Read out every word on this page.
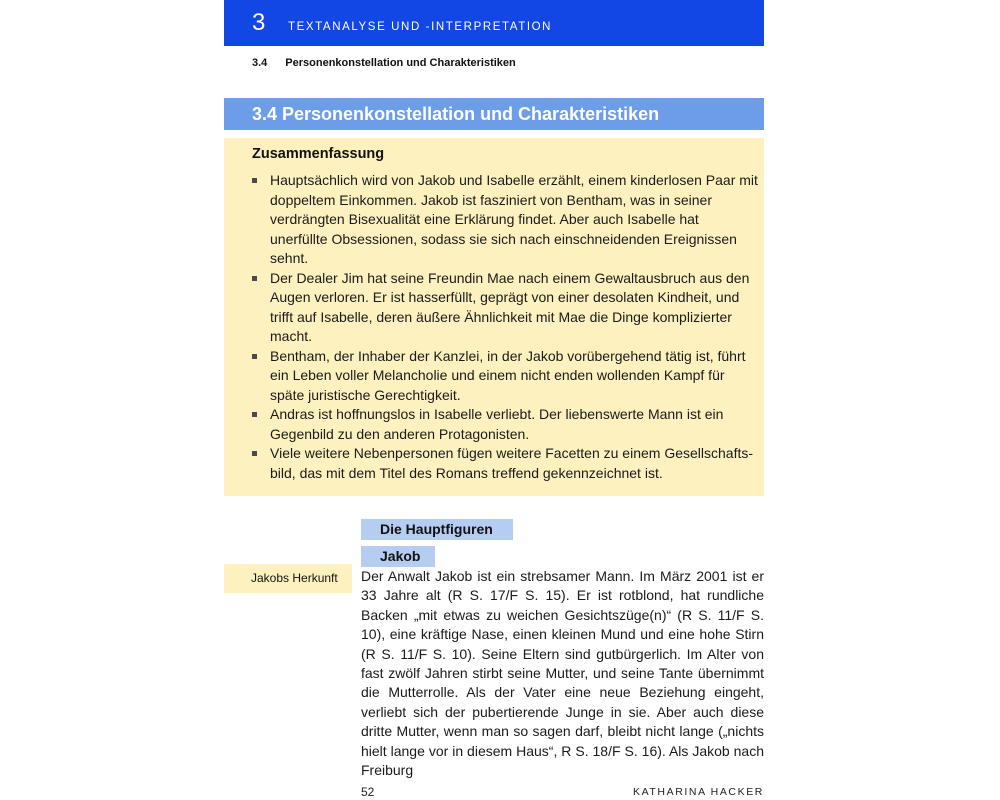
3 TEXTANALYSE UND -INTERPRETATION
3.4 Personenkonstellation und Charakteristiken
3.4 Personenkonstellation und Charakteristiken
Zusammenfassung
Hauptsächlich wird von Jakob und Isabelle erzählt, einem kinderlosen Paar mit doppeltem Einkommen. Jakob ist fasziniert von Bentham, was in seiner verdrängten Bisexualität eine Erklärung findet. Aber auch Isabelle hat unerfüllte Obsessionen, sodass sie sich nach einschneidenden Ereignissen sehnt.
Der Dealer Jim hat seine Freundin Mae nach einem Gewaltausbruch aus den Augen verloren. Er ist hasserfüllt, geprägt von einer desolaten Kindheit, und trifft auf Isabelle, deren äußere Ähnlichkeit mit Mae die Dinge komplizierter macht.
Bentham, der Inhaber der Kanzlei, in der Jakob vorübergehend tätig ist, führt ein Leben voller Melancholie und einem nicht enden wollenden Kampf für späte juristische Gerechtigkeit.
Andras ist hoffnungslos in Isabelle verliebt. Der liebenswerte Mann ist ein Gegenbild zu den anderen Protagonisten.
Viele weitere Nebenpersonen fügen weitere Facetten zu einem Gesellschafts-bild, das mit dem Titel des Romans treffend gekennzeichnet ist.
Die Hauptfiguren
Jakob
Jakobs Herkunft Der Anwalt Jakob ist ein strebsamer Mann. Im März 2001 ist er 33 Jahre alt (R S. 17/F S. 15). Er ist rotblond, hat rundliche Backen „mit etwas zu weichen Gesichtszüge(n)“ (R S. 11/F S. 10), eine kräftige Nase, einen kleinen Mund und eine hohe Stirn (R S. 11/F S. 10). Seine Eltern sind gutbürgerlich. Im Alter von fast zwölf Jahren stirbt seine Mutter, und seine Tante übernimmt die Mutterrolle. Als der Vater eine neue Beziehung eingeht, verliebt sich der pubertierende Junge in sie. Aber auch diese dritte Mutter, wenn man so sagen darf, bleibt nicht lange („nichts hielt lange vor in diesem Haus“, R S. 18/F S. 16). Als Jakob nach Freiburg

52	KATHARINA HACKER
